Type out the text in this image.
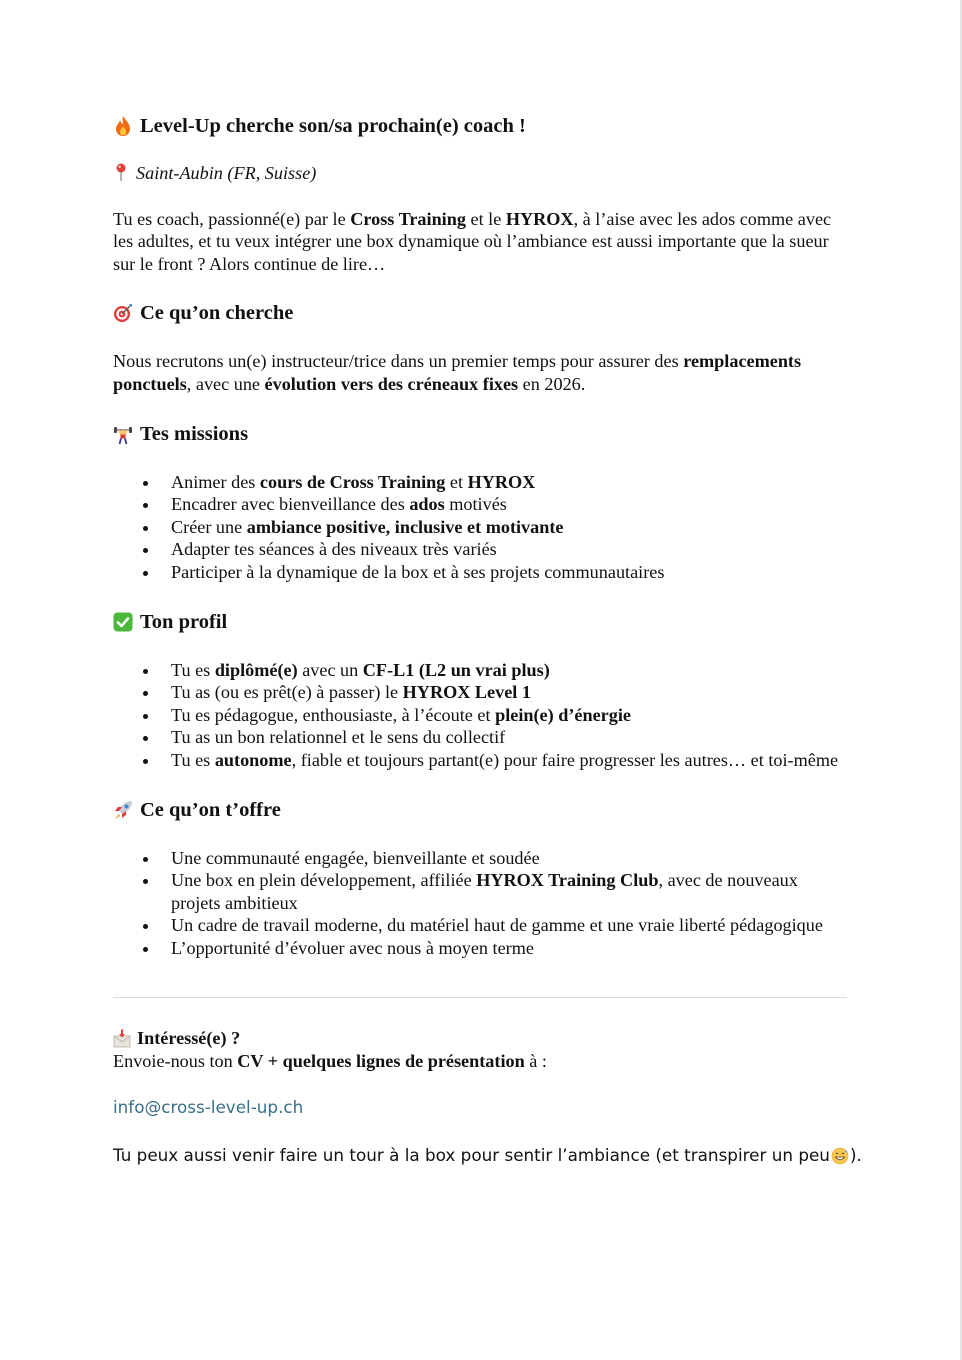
Level-Up cherche son/sa prochain(e) coach !
Saint-Aubin (FR, Suisse)

Tu es coach, passionné(e) par le Cross Training et le HYROX, à l’aise avec les ados comme avec les adultes, et tu veux intégrer une box dynamique où l’ambiance est aussi importante que la sueur sur le front ? Alors continue de lire…

Ce qu’on cherche

Nous recrutons un(e) instructeur/trice dans un premier temps pour assurer des remplacements ponctuels, avec une évolution vers des créneaux fixes en 2026.

Tes missions
Animer des cours de Cross Training et HYROX
Encadrer avec bienveillance des ados motivés
Créer une ambiance positive, inclusive et motivante
Adapter tes séances à des niveaux très variés
Participer à la dynamique de la box et à ses projets communautaires
Ton profil
Tu es diplômé(e) avec un CF-L1 (L2 un vrai plus)
Tu as (ou es prêt(e) à passer) le HYROX Level 1
Tu es pédagogue, enthousiaste, à l’écoute et plein(e) d’énergie
Tu as un bon relationnel et le sens du collectif
Tu es autonome, fiable et toujours partant(e) pour faire progresser les autres… et toi-même
Ce qu’on t’offre
Une communauté engagée, bienveillante et soudée
Une box en plein développement, affiliée HYROX Training Club, avec de nouveaux projets ambitieux
Un cadre de travail moderne, du matériel haut de gamme et une vraie liberté pédagogique
L’opportunité d’évoluer avec nous à moyen terme
Intéressé(e) ?

Envoie-nous ton CV + quelques lignes de présentation à :

info@cross-level-up.ch

Tu peux aussi venir faire un tour à la box pour sentir l’ambiance (et transpirer un peu ).
